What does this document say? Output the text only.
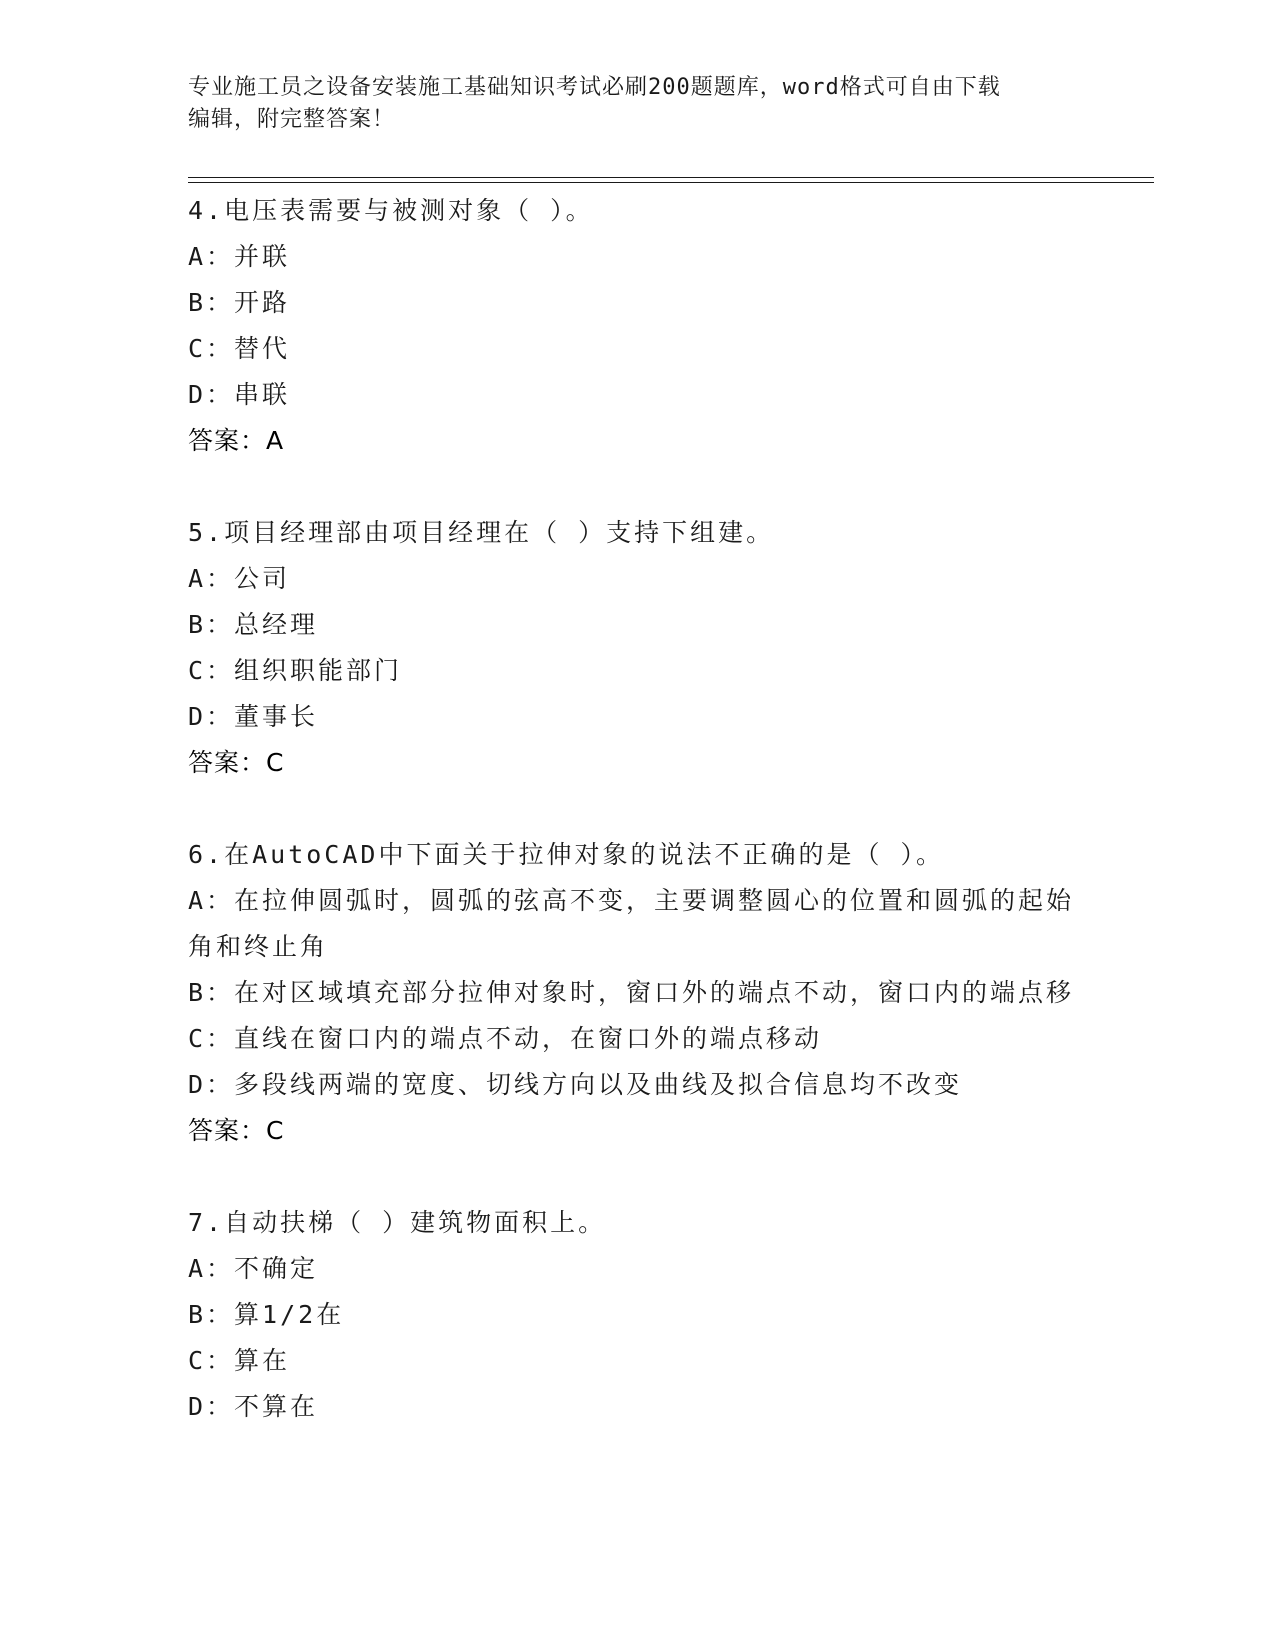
专业施工员之设备安装施工基础知识考试必刷200题题库，word格式可自由下载
编辑，附完整答案！
4.电压表需要与被测对象（ ）。
A：并联
B：开路
C：替代
D：串联
答案：A
5.项目经理部由项目经理在（ ）支持下组建。
A：公司
B：总经理
C：组织职能部门
D：董事长
答案：C
6.在AutoCAD中下面关于拉伸对象的说法不正确的是（ ）。
A：在拉伸圆弧时，圆弧的弦高不变，主要调整圆心的位置和圆弧的起始角和终止角
B：在对区域填充部分拉伸对象时，窗口外的端点不动，窗口内的端点移
C：直线在窗口内的端点不动，在窗口外的端点移动
D：多段线两端的宽度、切线方向以及曲线及拟合信息均不改变
答案：C
7.自动扶梯（ ）建筑物面积上。
A：不确定
B：算1/2在
C：算在
D：不算在
